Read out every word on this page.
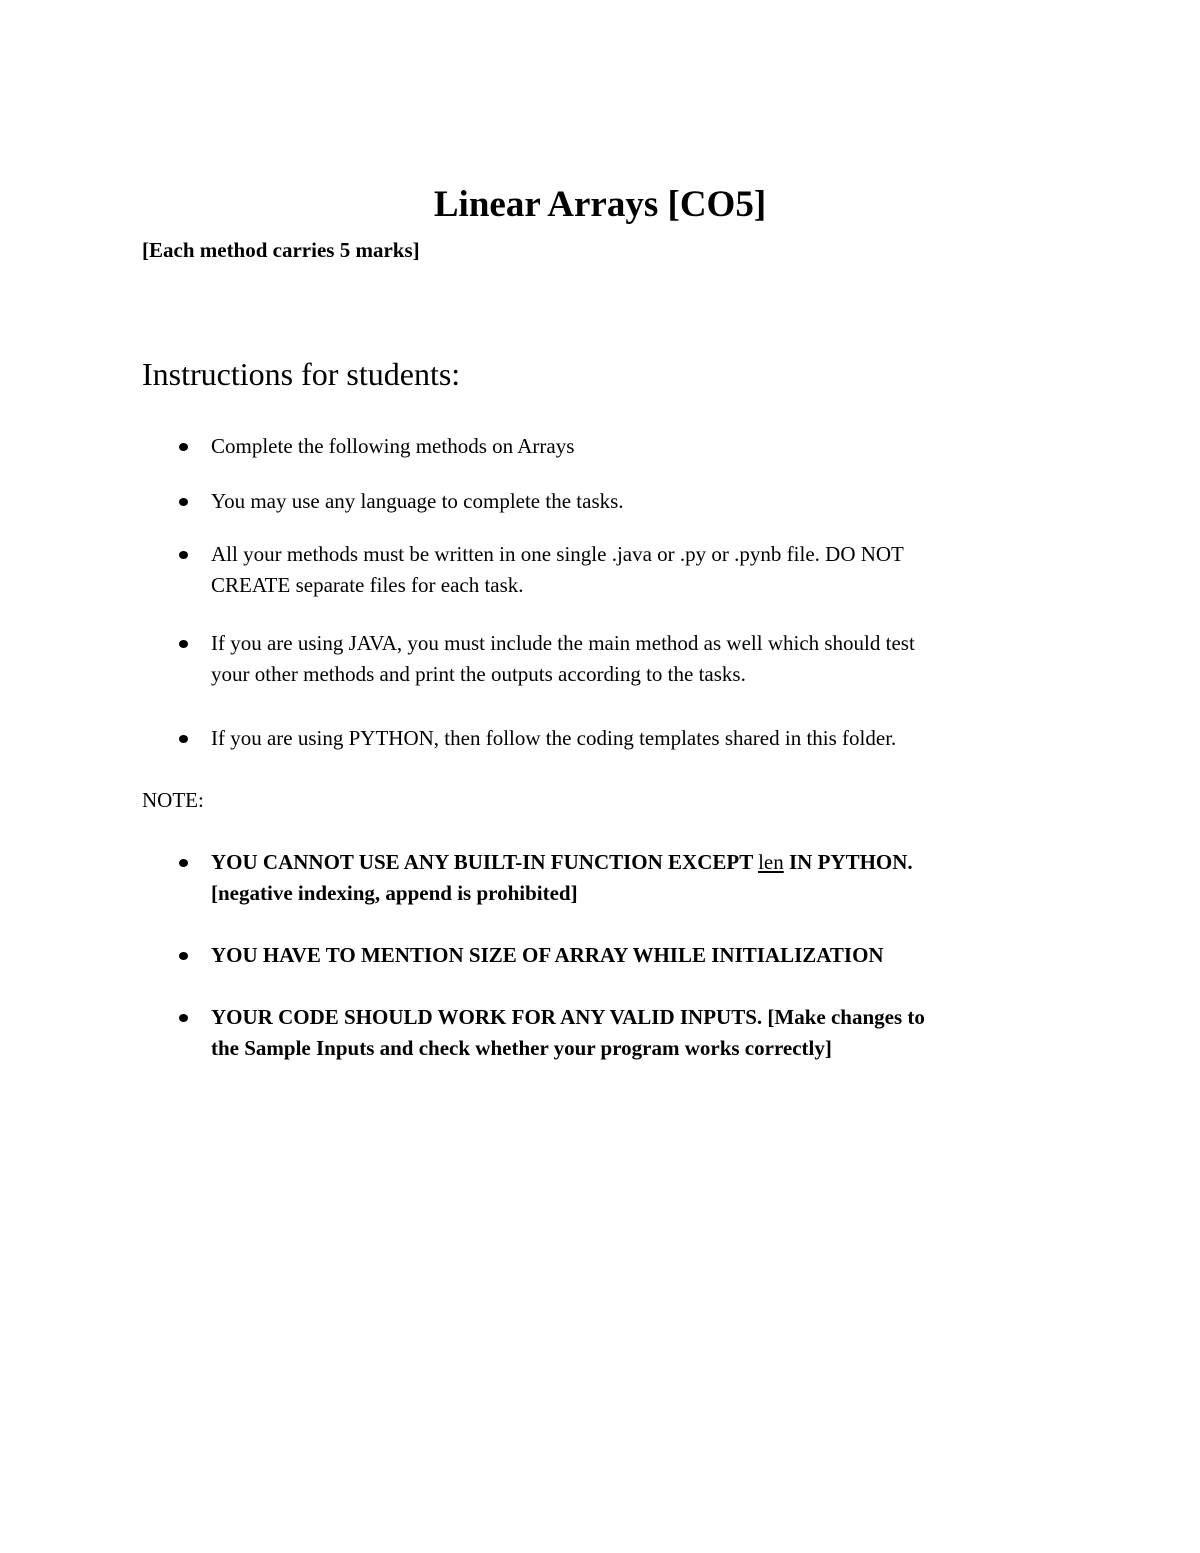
Linear Arrays [CO5]

[Each method carries 5 marks]

Instructions for students:
Complete the following methods on Arrays
You may use any language to complete the tasks.
All your methods must be written in one single .java or .py or .pynb file. DO NOT
CREATE separate files for each task.
If you are using JAVA, you must include the main method as well which should test
your other methods and print the outputs according to the tasks.
If you are using PYTHON, then follow the coding templates shared in this folder.

NOTE:

YOU CANNOT USE ANY BUILT-IN FUNCTION EXCEPT len IN PYTHON.
[negative indexing, append is prohibited]
YOU HAVE TO MENTION SIZE OF ARRAY WHILE INITIALIZATION
YOUR CODE SHOULD WORK FOR ANY VALID INPUTS. [Make changes to
the Sample Inputs and check whether your program works correctly]
